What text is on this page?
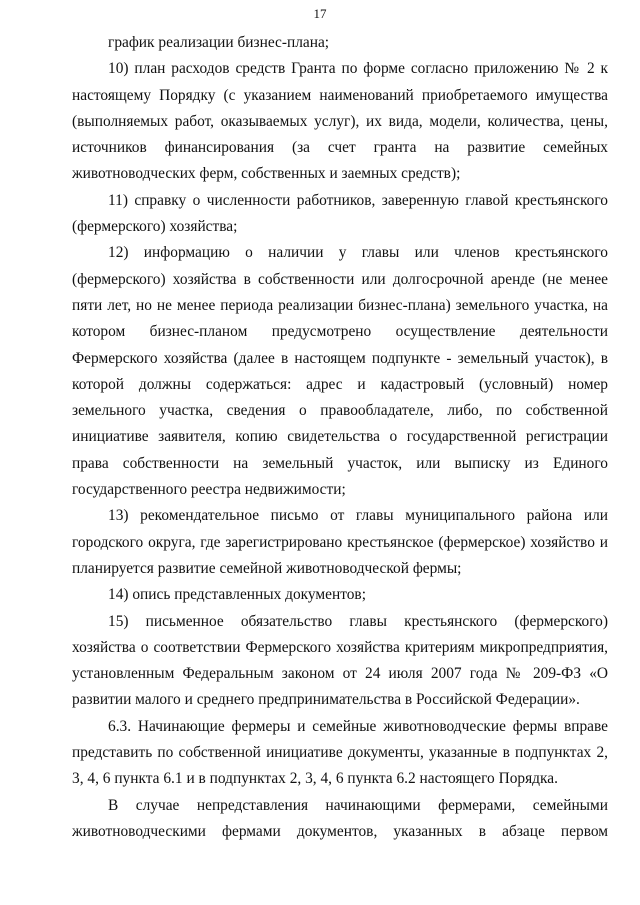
17

график реализации бизнес-плана;

10) план расходов средств Гранта по форме согласно приложению № 2 к настоящему Порядку (с указанием наименований приобретаемого имущества (выполняемых работ, оказываемых услуг), их вида, модели, количества, цены, источников финансирования (за счет гранта на развитие семейных животноводческих ферм, собственных и заемных средств);

11) справку о численности работников, заверенную главой крестьянского (фермерского) хозяйства;

12) информацию о наличии у главы или членов крестьянского (фермерского) хозяйства в собственности или долгосрочной аренде (не менее пяти лет, но не менее периода реализации бизнес-плана) земельного участка, на котором бизнес-планом предусмотрено осуществление деятельности Фермерского хозяйства (далее в настоящем подпункте - земельный участок), в которой должны содержаться: адрес и кадастровый (условный) номер земельного участка, сведения о правообладателе, либо, по собственной инициативе заявителя, копию свидетельства о государственной регистрации права собственности на земельный участок, или выписку из Единого государственного реестра недвижимости;

13) рекомендательное письмо от главы муниципального района или городского округа, где зарегистрировано крестьянское (фермерское) хозяйство и планируется развитие семейной животноводческой фермы;

14) опись представленных документов;

15) письменное обязательство главы крестьянского (фермерского) хозяйства о соответствии Фермерского хозяйства критериям микропредприятия, установленным Федеральным законом от 24 июля 2007 года № 209-ФЗ «О развитии малого и среднего предпринимательства в Российской Федерации».

6.3. Начинающие фермеры и семейные животноводческие фермы вправе представить по собственной инициативе документы, указанные в подпунктах 2, 3, 4, 6 пункта 6.1 и в подпунктах 2, 3, 4, 6 пункта 6.2 настоящего Порядка.

В случае непредставления начинающими фермерами, семейными животноводческими фермами документов, указанных в абзаце первом
